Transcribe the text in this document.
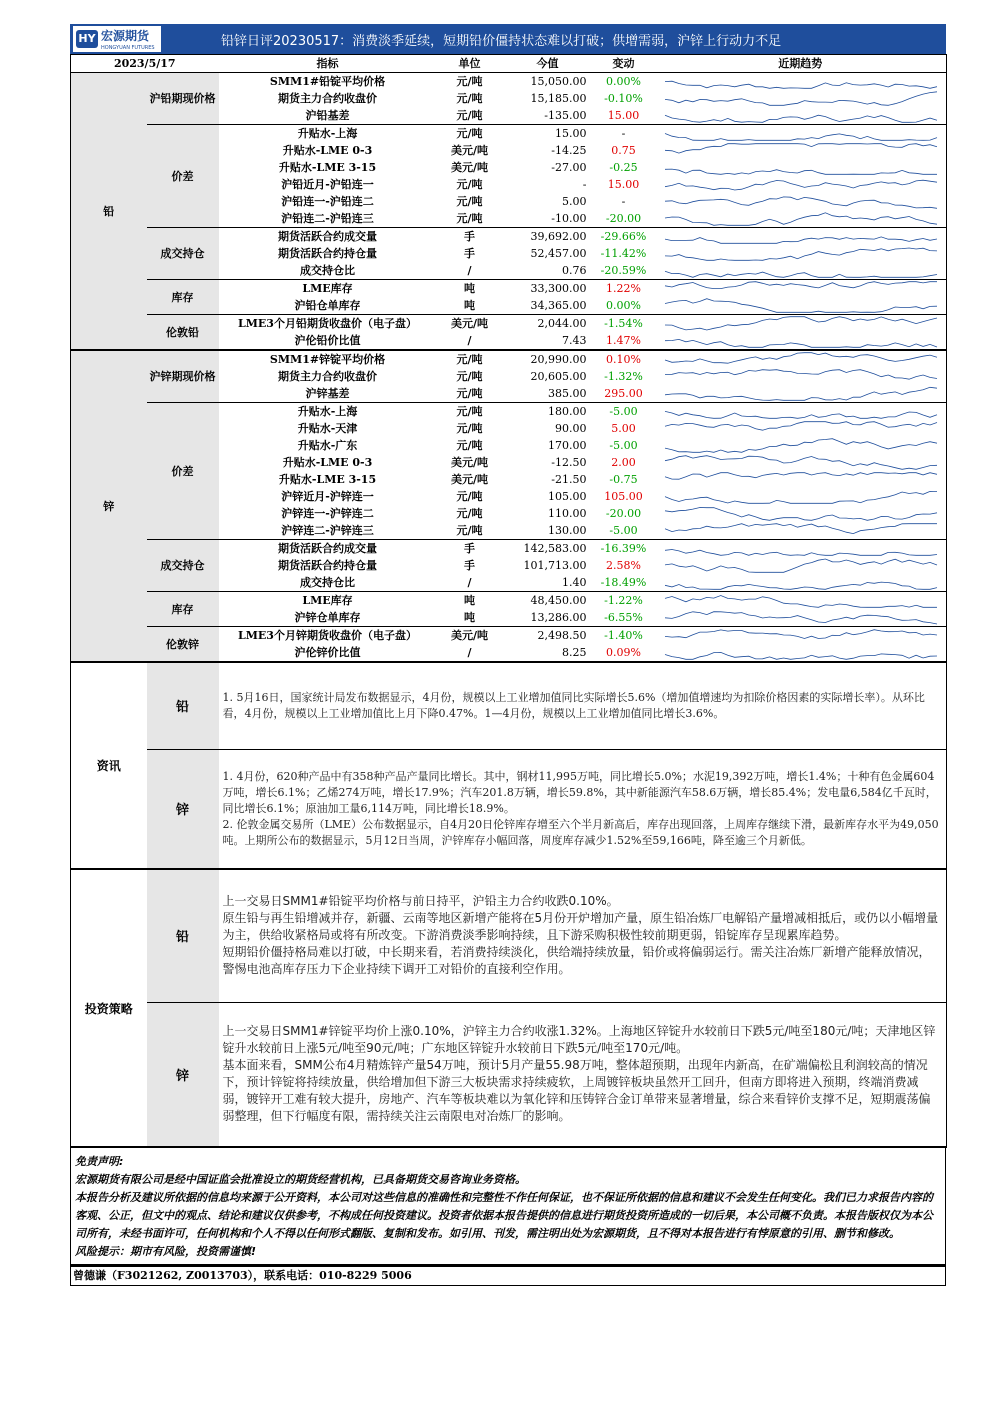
HY 宏源期货
HONGYUAN FUTURES	铅锌日评20230517：消费淡季延续，短期铅价僵持状态难以打破；供增需弱，沪锌上行动力不足
2023/5/17		指标	单位	今值	变动	近期趋势
铅	沪铅期现价格	SMM1#铅锭平均价格	元/吨	15,050.00	0.00%	

		期货主力合约收盘价	元/吨	15,185.00	-0.10%	

		沪铅基差	元/吨	-135.00	15.00	

	价差	升贴水-上海	元/吨	15.00	-	

		升贴水-LME 0-3	美元/吨	-14.25	0.75	

		升贴水-LME 3-15	美元/吨	-27.00	-0.25	

		沪铅近月-沪铅连一	元/吨	-	15.00	

		沪铅连一-沪铅连二	元/吨	5.00	-	

		沪铅连二-沪铅连三	元/吨	-10.00	-20.00	

	成交持仓	期货活跃合约成交量	手	39,692.00	-29.66%	

		期货活跃合约持仓量	手	52,457.00	-11.42%	

		成交持仓比	/	0.76	-20.59%	

	库存	LME库存	吨	33,300.00	1.22%	

		沪铅仓单库存	吨	34,365.00	0.00%	

	伦敦铅	LME3个月铅期货收盘价（电子盘）	美元/吨	2,044.00	-1.54%	

		沪伦铅价比值	/	7.43	1.47%	

锌	沪锌期现价格	SMM1#锌锭平均价格	元/吨	20,990.00	0.10%	

		期货主力合约收盘价	元/吨	20,605.00	-1.32%	

		沪锌基差	元/吨	385.00	295.00	

	价差	升贴水-上海	元/吨	180.00	-5.00	

		升贴水-天津	元/吨	90.00	5.00	

		升贴水-广东	元/吨	170.00	-5.00	

		升贴水-LME 0-3	美元/吨	-12.50	2.00	

		升贴水-LME 3-15	美元/吨	-21.50	-0.75	

		沪锌近月-沪锌连一	元/吨	105.00	105.00	

		沪锌连一-沪锌连二	元/吨	110.00	-20.00	

		沪锌连二-沪锌连三	元/吨	130.00	-5.00	

	成交持仓	期货活跃合约成交量	手	142,583.00	-16.39%	

		期货活跃合约持仓量	手	101,713.00	2.58%	

		成交持仓比	/	1.40	-18.49%	

	库存	LME库存	吨	48,450.00	-1.22%	

		沪锌仓单库存	吨	13,286.00	-6.55%	

	伦敦锌	LME3个月锌期货收盘价（电子盘）	美元/吨	2,498.50	-1.40%	

		沪伦锌价比值	/	8.25	0.09%	
资讯	铅	1. 5月16日，国家统计局发布数据显示，4月份，规模以上工业增加值同比实际增长5.6%（增加值增速均为扣除价格因素的实际增长率）。从环比看，4月份，规模以上工业增加值比上月下降0.47%。1—4月份，规模以上工业增加值同比增长3.6%。

	锌	1. 4月份，620种产品中有358种产品产量同比增长。其中，钢材11,995万吨，同比增长5.0%；水泥19,392万吨，增长1.4%；十种有色金属604万吨，增长6.1%；乙烯274万吨，增长17.9%；汽车201.8万辆，增长59.8%，其中新能源汽车58.6万辆，增长85.4%；发电量6,584亿千瓦时，同比增长6.1%；原油加工量6,114万吨，同比增长18.9%。

2. 伦敦金属交易所（LME）公布数据显示，自4月20日伦锌库存增至六个半月新高后，库存出现回落，上周库存继续下滑，最新库存水平为49,050吨。上期所公布的数据显示，5月12日当周，沪锌库存小幅回落，周度库存减少1.52%至59,166吨，降至逾三个月新低。

投资策略	铅	上一交易日SMM1#铅锭平均价格与前日持平，沪铅主力合约收跌0.10%。

原生铅与再生铅增减并存，新疆、云南等地区新增产能将在5月份开炉增加产量，原生铅冶炼厂电解铅产量增减相抵后，或仍以小幅增量为主，供给收紧格局或将有所改变。下游消费淡季影响持续，且下游采购积极性较前期更弱，铅锭库存呈现累库趋势。

短期铅价僵持格局难以打破，中长期来看，若消费持续淡化，供给端持续放量，铅价或将偏弱运行。需关注冶炼厂新增产能释放情况，警惕电池高库存压力下企业持续下调开工对铅价的直接利空作用。

	锌	上一交易日SMM1#锌锭平均价上涨0.10%，沪锌主力合约收涨1.32%。上海地区锌锭升水较前日下跌5元/吨至180元/吨；天津地区锌锭升水较前日上涨5元/吨至90元/吨；广东地区锌锭升水较前日下跌5元/吨至170元/吨。

基本面来看，SMM公布4月精炼锌产量54万吨，预计5月产量55.98万吨，整体超预期，出现年内新高，在矿端偏松且利润较高的情况下，预计锌锭将持续放量，供给增加但下游三大板块需求持续疲软，上周镀锌板块虽然开工回升，但南方即将进入预期，终端消费减弱，镀锌开工难有较大提升，房地产、汽车等板块难以为氧化锌和压铸锌合金订单带来显著增量，综合来看锌价支撑不足，短期震荡偏弱整理，但下行幅度有限，需持续关注云南限电对冶炼厂的影响。

免责声明:

宏源期货有限公司是经中国证监会批准设立的期货经营机构，已具备期货交易咨询业务资格。

本报告分析及建议所依据的信息均来源于公开资料，本公司对这些信息的准确性和完整性不作任何保证，也不保证所依据的信息和建议不会发生任何变化。我们已力求报告内容的客观、公正，但文中的观点、结论和建议仅供参考，不构成任何投资建议。投资者依据本报告提供的信息进行期货投资所造成的一切后果，本公司概不负责。本报告版权仅为本公司所有，未经书面许可，任何机构和个人不得以任何形式翻版、复制和发布。如引用、刊发，需注明出处为宏源期货，且不得对本报告进行有悖原意的引用、删节和修改。

风险提示：期市有风险，投资需谨慎!

曾德谦（F3021262, Z0013703），联系电话：010-8229 5006
